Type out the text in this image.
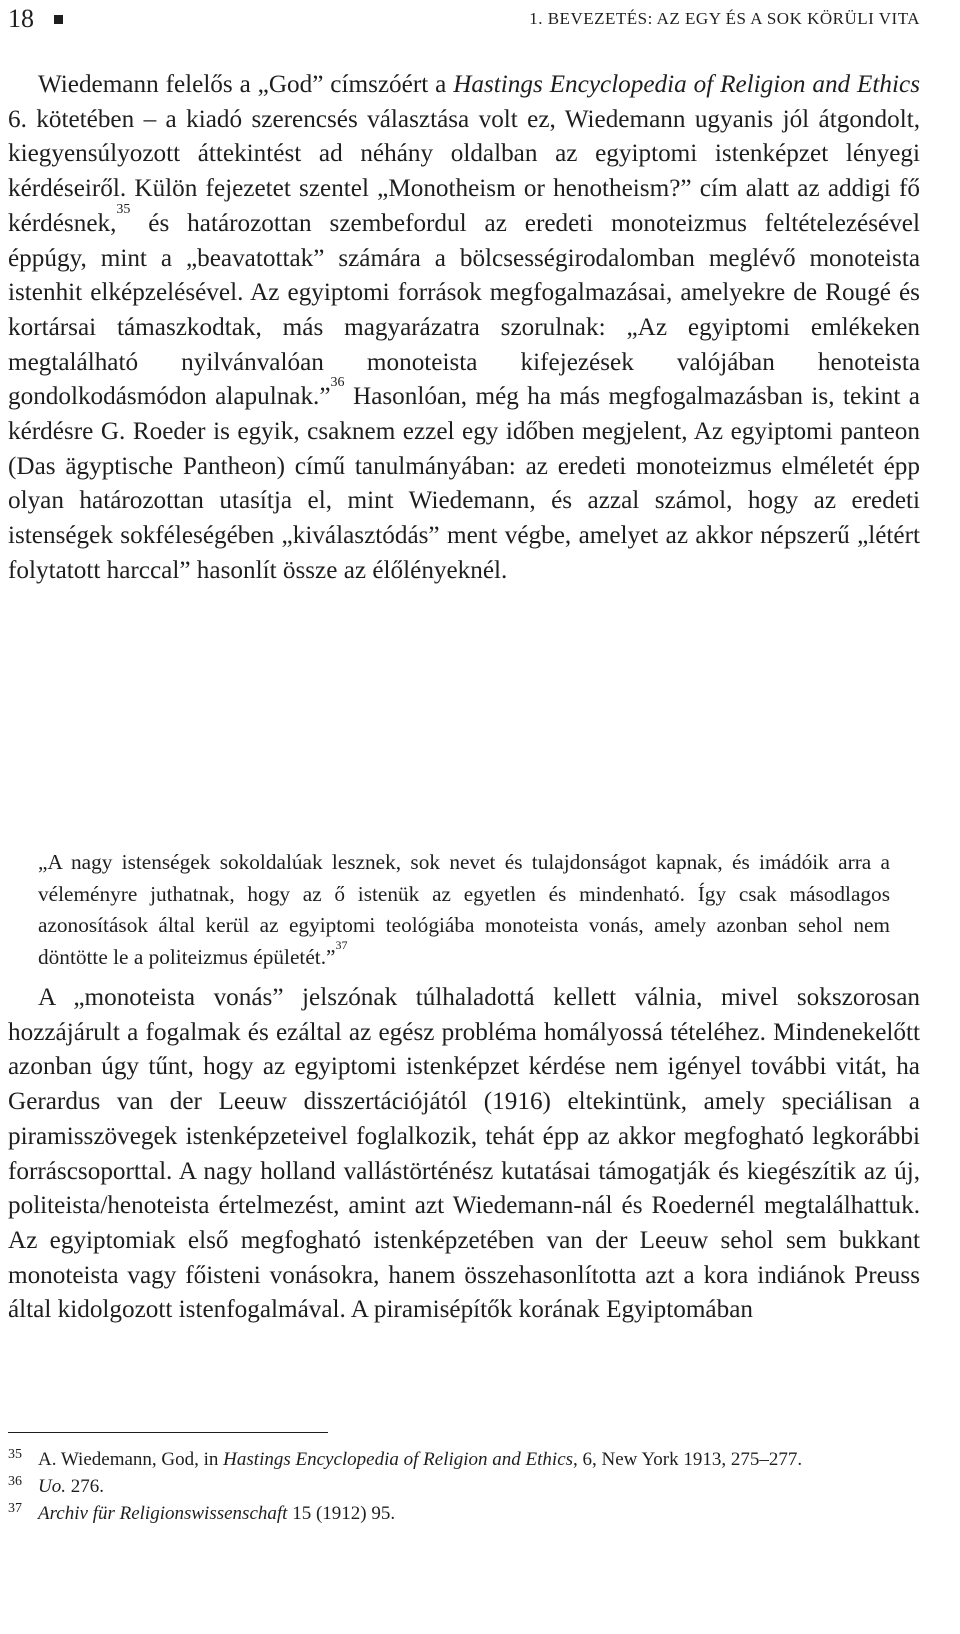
18	1. BEVEZETÉS: AZ EGY ÉS A SOK KÖRÜLI VITA

Wiedemann felelős a „God” címszóért a Hastings Encyclopedia of Religion and Ethics 6. kötetében – a kiadó szerencsés választása volt ez, Wiedemann ugyanis jól átgondolt, kiegyensúlyozott áttekintést ad néhány oldalban az egyiptomi istenképzet lényegi kérdéseiről. Külön fejezetet szentel „Monotheism or henotheism?” cím alatt az addigi fő kérdésnek,$^{35}$ és határozottan szembefordul az eredeti monoteizmus feltételezésével éppúgy, mint a „beavatottak” számára a bölcsességirodalomban meglévő monoteista istenhit elképzelésével. Az egyiptomi források megfogalmazásai, amelyekre de Rougé és kortársai támaszkodtak, más magyarázatra szorulnak: „Az egyiptomi emlékeken megtalálható nyilvánvalóan monoteista kifejezések valójában henoteista gondolkodásmódon alapulnak.”$^{36}$ Hasonlóan, még ha más megfogalmazásban is, tekint a kérdésre G. Roeder is egyik, csaknem ezzel egy időben megjelent, Az egyiptomi panteon (Das ägyptische Pantheon) című tanulmányában: az eredeti monoteizmus elméletét épp olyan határozottan utasítja el, mint Wiedemann, és azzal számol, hogy az eredeti istenségek sokféleségében „kiválasztódás” ment végbe, amelyet az akkor népszerű „létért folytatott harccal” hasonlít össze az élőlényeknél.

„A nagy istenségek sokoldalúak lesznek, sok nevet és tulajdonságot kapnak, és imádóik arra a véleményre juthatnak, hogy az ő istenük az egyetlen és mindenható. Így csak másodlagos azonosítások által kerül az egyiptomi teológiába monoteista vonás, amely azonban sehol nem döntötte le a politeizmus épületét.”$^{37}$

A „monoteista vonás” jelszónak túlhaladottá kellett válnia, mivel sokszorosan hozzájárult a fogalmak és ezáltal az egész probléma homályossá tételéhez. Mindenekelőtt azonban úgy tűnt, hogy az egyiptomi istenképzet kérdése nem igényel további vitát, ha Gerardus van der Leeuw disszertációjától (1916) eltekintünk, amely speciálisan a piramisszövegek istenképzeteivel foglalkozik, tehát épp az akkor megfogható legkorábbi forráscsoporttal. A nagy holland vallástörténész kutatásai támogatják és kiegészítik az új, politeista/henoteista értelmezést, amint azt Wiedemann-nál és Roedernél megtalálhattuk. Az egyiptomiak első megfogható istenképzetében van der Leeuw sehol sem bukkant monoteista vagy főisteni vonásokra, hanem összehasonlította azt a kora indiánok Preuss által kidolgozott istenfogalmával. A piramisépítők korának Egyiptomában

35 A. Wiedemann, God, in Hastings Encyclopedia of Religion and Ethics, 6, New York 1913, 275–277.
36 Uo. 276.
37 Archiv für Religionswissenschaft 15 (1912) 95.
